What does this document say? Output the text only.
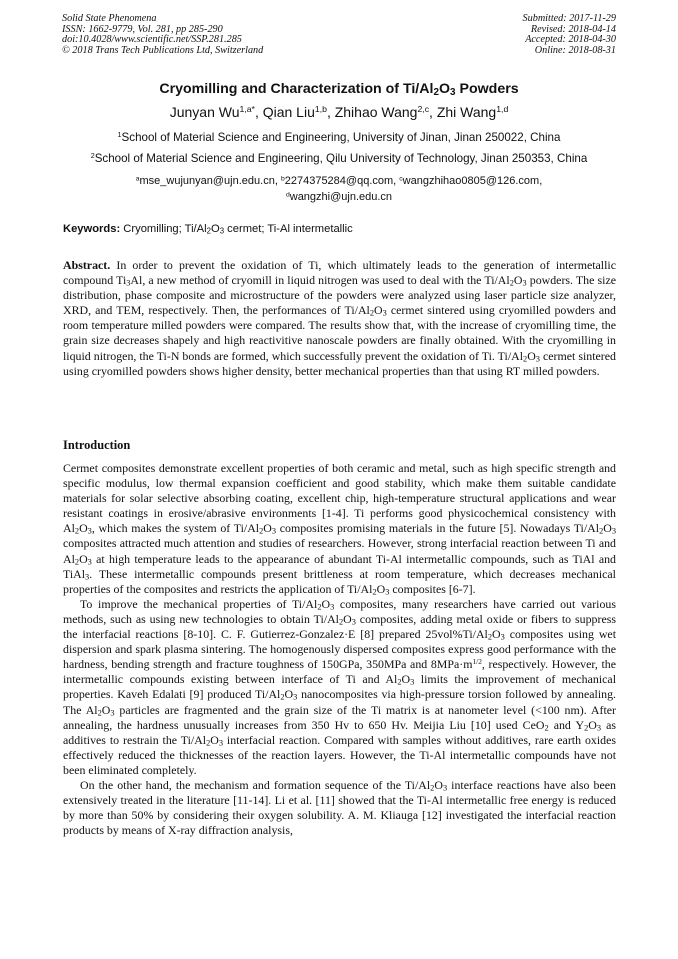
Solid State Phenomena
ISSN: 1662-9779, Vol. 281, pp 285-290
doi:10.4028/www.scientific.net/SSP.281.285
© 2018 Trans Tech Publications Ltd, Switzerland
Submitted: 2017-11-29
Revised: 2018-04-14
Accepted: 2018-04-30
Online: 2018-08-31
Cryomilling and Characterization of $Ti/Al_2O_3$ Powders
Junyan $Wu^{1,a*}$, Qian Liu$^{1,b}$, Zhihao Wang$^{2,c}$, Zhi Wang$^{1,d}$
$^1$School of Material Science and Engineering, University of Jinan, Jinan 250022, China
$^2$School of Material Science and Engineering, Qilu University of Technology, Jinan 250353, China
$^a$mse_wujunyan@ujn.edu.cn, $^b$2274375284@qq.com, $^c$wangzhihao0805@126.com,
$^d$wangzhi@ujn.edu.cn
Keywords: Cryomilling; $Ti/Al_2O_3$ cermet; Ti-Al intermetallic

Abstract. In order to prevent the oxidation of Ti, which ultimately leads to the generation of intermetallic compound $Ti_3Al$, a new method of cryomill in liquid nitrogen was used to deal with the $Ti/Al_2O_3$ powders. The size distribution, phase composite and microstructure of the powders were analyzed using laser particle size analyzer, XRD, and TEM, respectively. Then, the performances of $Ti/Al_2O_3$ cermet sintered using cryomilled powders and room temperature milled powders were compared. The results show that, with the increase of cryomilling time, the grain size decreases shapely and high reactivitive nanoscale powders are finally obtained. With the cryomilling in liquid nitrogen, the Ti-N bonds are formed, which successfully prevent the oxidation of Ti. $Ti/Al_2O_3$ cermet sintered using cryomilled powders shows higher density, better mechanical properties than that using RT milled powders.

Introduction

Cermet composites demonstrate excellent properties of both ceramic and metal, such as high specific strength and specific modulus, low thermal expansion coefficient and good stability, which make them suitable candidate materials for solar selective absorbing coating, excellent chip, high-temperature structural applications and wear resistant coatings in erosive/abrasive environments [1-4]. Ti performs good physicochemical consistency with $Al_2O_3$, which makes the system of $Ti/Al_2O_3$ composites promising materials in the future [5]. Nowadays $Ti/Al_2O_3$ composites attracted much attention and studies of researchers. However, strong interfacial reaction between Ti and $Al_2O_3$ at high temperature leads to the appearance of abundant Ti-Al intermetallic compounds, such as TiAl and TiAl$_3$. These intermetallic compounds present brittleness at room temperature, which decreases mechanical properties of the composites and restricts the application of $Ti/Al_2O_3$ composites [6-7].

To improve the mechanical properties of $Ti/Al_2O_3$ composites, many researchers have carried out various methods, such as using new technologies to obtain $Ti/Al_2O_3$ composites, adding metal oxide or fibers to suppress the interfacial reactions [8-10]. C. F. Gutierrez-Gonzalez·E [8] prepared $25vol\%Ti/Al_2O_3$ composites using wet dispersion and spark plasma sintering. The homogenously dispersed composites express good performance with the hardness, bending strength and fracture toughness of 150GPa, 350MPa and $8MPa\cdot m^{1/2}$, respectively. However, the intermetallic compounds existing between interface of Ti and $Al_2O_3$ limits the improvement of mechanical properties. Kaveh Edalati [9] produced $Ti/Al_2O_3$ nanocomposites via high-pressure torsion followed by annealing. The $Al_2O_3$ particles are fragmented and the grain size of the Ti matrix is at nanometer level (<100 nm). After annealing, the hardness unusually increases from 350 Hv to 650 Hv. Meijia Liu [10] used CeO$_2$ and $Y_2O_3$ as additives to restrain the $Ti/Al_2O_3$ interfacial reaction. Compared with samples without additives, rare earth oxides effectively reduced the thicknesses of the reaction layers. However, the Ti-Al intermetallic compounds have not been eliminated completely.

On the other hand, the mechanism and formation sequence of the $Ti/Al_2O_3$ interface reactions have also been extensively treated in the literature [11-14]. Li et al. [11] showed that the Ti-Al intermetallic free energy is reduced by more than 50% by considering their oxygen solubility. A. M. Kliauga [12] investigated the interfacial reaction products by means of X-ray diffraction analysis,
